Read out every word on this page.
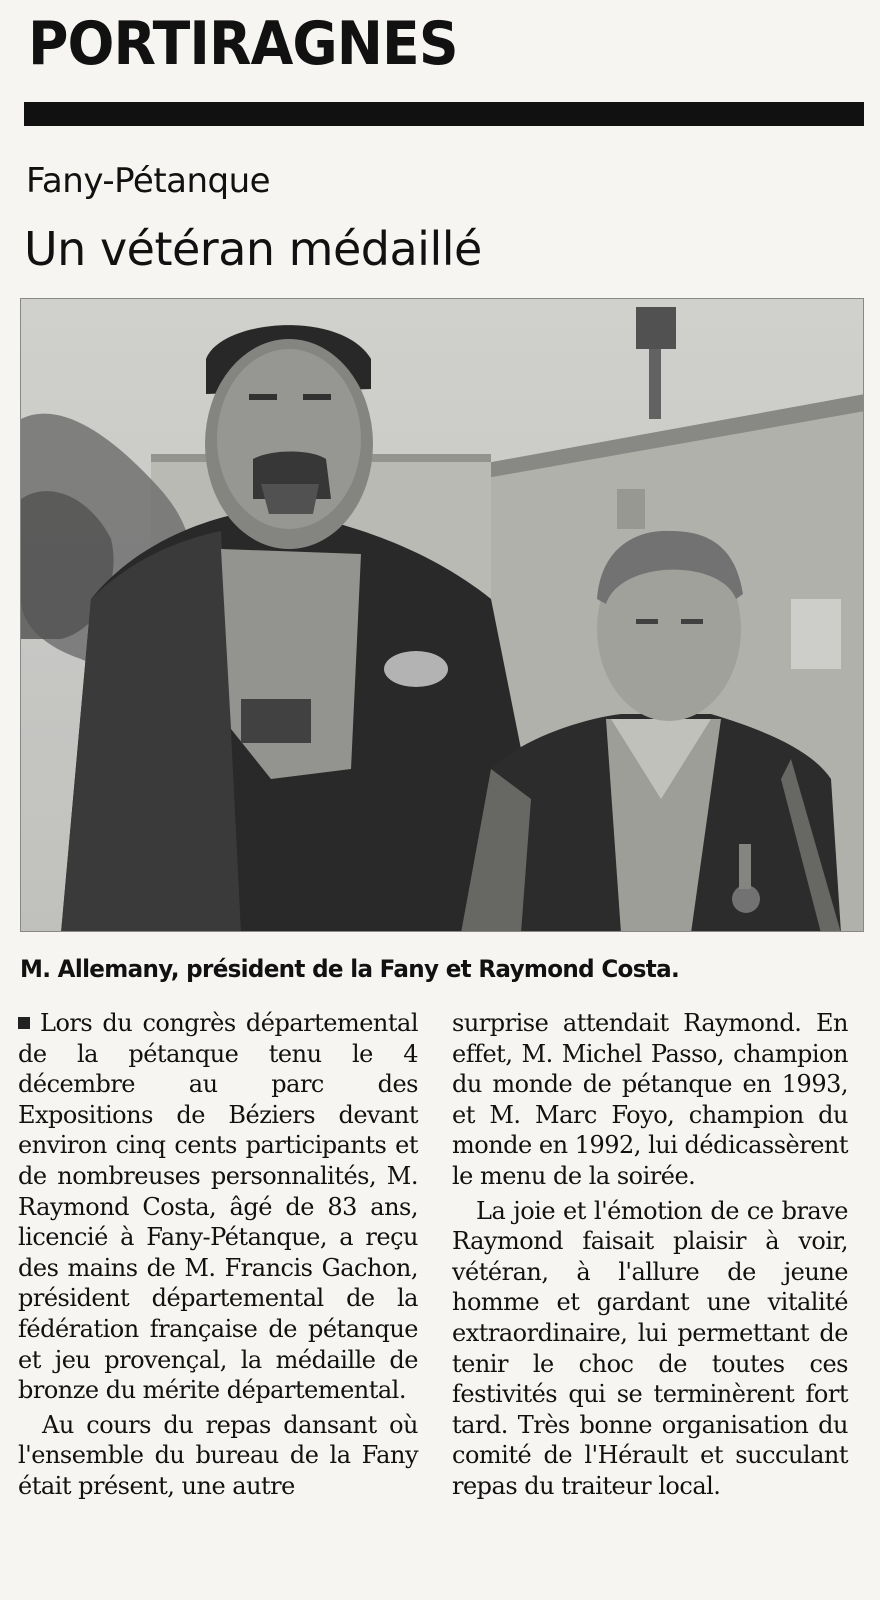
PORTIRAGNES
Fany-Pétanque
Un vétéran médaillé
M. Allemany, président de la Fany et Raymond Costa.

Lors du congrès départemental de la pétanque tenu le 4 décembre au parc des Expositions de Béziers devant environ cinq cents participants et de nombreuses personnalités, M. Raymond Costa, âgé de 83 ans, licencié à Fany-Pétanque, a reçu des mains de M. Francis Gachon, président départemental de la fédération française de pétanque et jeu provençal, la médaille de bronze du mérite départemental.

Au cours du repas dansant où l'ensemble du bureau de la Fany était présent, une autre

surprise attendait Raymond. En effet, M. Michel Passo, champion du monde de pétanque en 1993, et M. Marc Foyo, champion du monde en 1992, lui dédicassèrent le menu de la soirée.

La joie et l'émotion de ce brave Raymond faisait plaisir à voir, vétéran, à l'allure de jeune homme et gardant une vitalité extraordinaire, lui permettant de tenir le choc de toutes ces festivités qui se terminèrent fort tard. Très bonne organisation du comité de l'Hérault et succulant repas du traiteur local.
